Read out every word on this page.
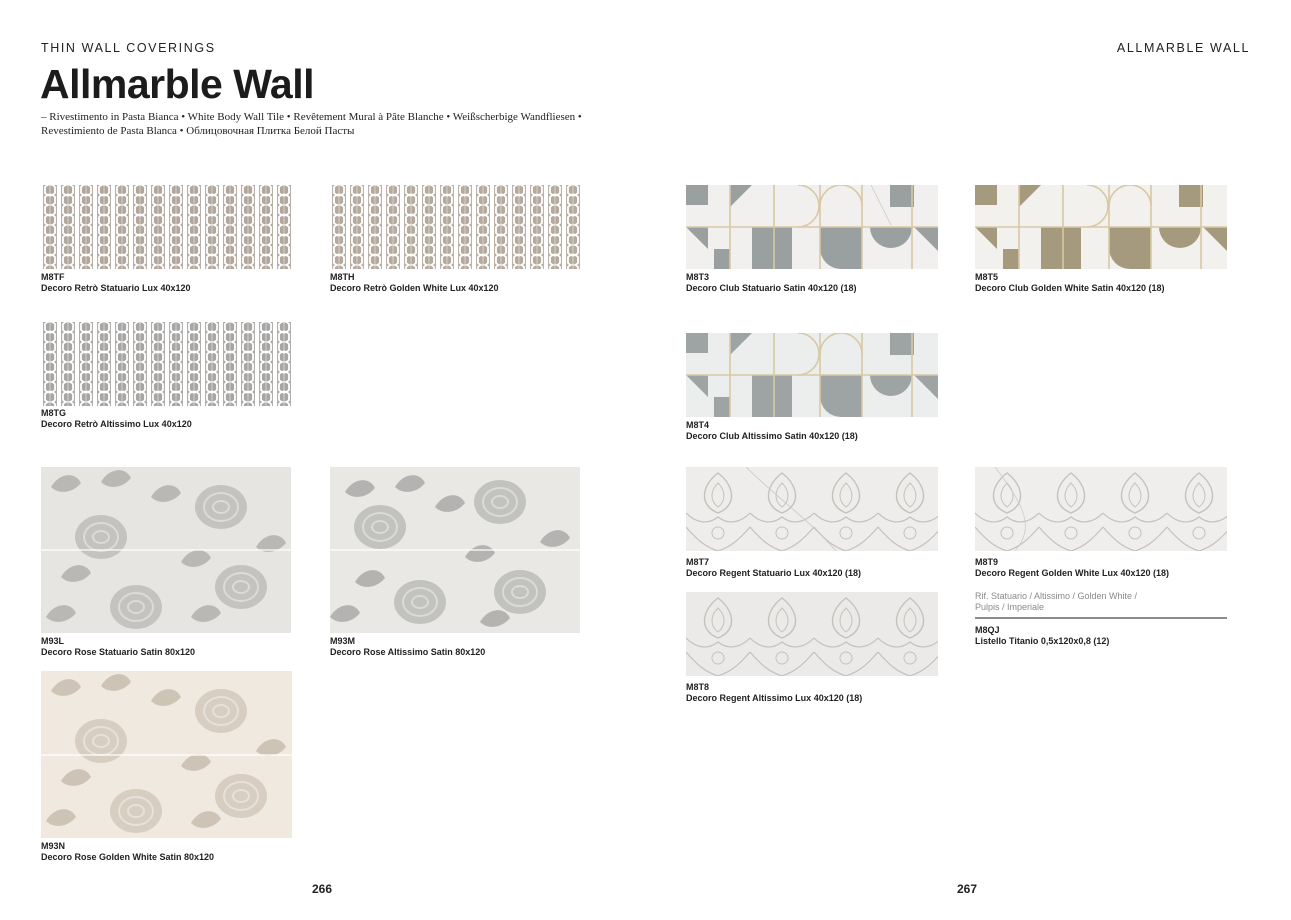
THIN WALL COVERINGS	ALLMARBLE WALL
Allmarble Wall
– Rivestimento in Pasta Bianca • White Body Wall Tile • Revêtement Mural à Pâte Blanche • Weißscherbige Wandfliesen •
Revestimiento de Pasta Blanca • Облицовочная Плитка Белой Пасты
M8TF
Decoro Retrò Statuario Lux 40x120
M8TH
Decoro Retrò Golden White Lux 40x120
M8TG
Decoro Retrò Altissimo Lux 40x120
M93L
Decoro Rose Statuario Satin 80x120
M93M
Decoro Rose Altissimo Satin 80x120
M93N
Decoro Rose Golden White Satin 80x120
266
M8T3
Decoro Club Statuario Satin 40x120 (18)
M8T5
Decoro Club Golden White Satin 40x120 (18)
M8T4
Decoro Club Altissimo Satin 40x120 (18)
M8T7
Decoro Regent Statuario Lux 40x120 (18)
M8T9
Decoro Regent Golden White Lux 40x120 (18)
Rif. Statuario / Altissimo / Golden White /
Pulpis / Imperiale
M8QJ
Listello Titanio 0,5x120x0,8 (12)
M8T8
Decoro Regent Altissimo Lux 40x120 (18)
267
